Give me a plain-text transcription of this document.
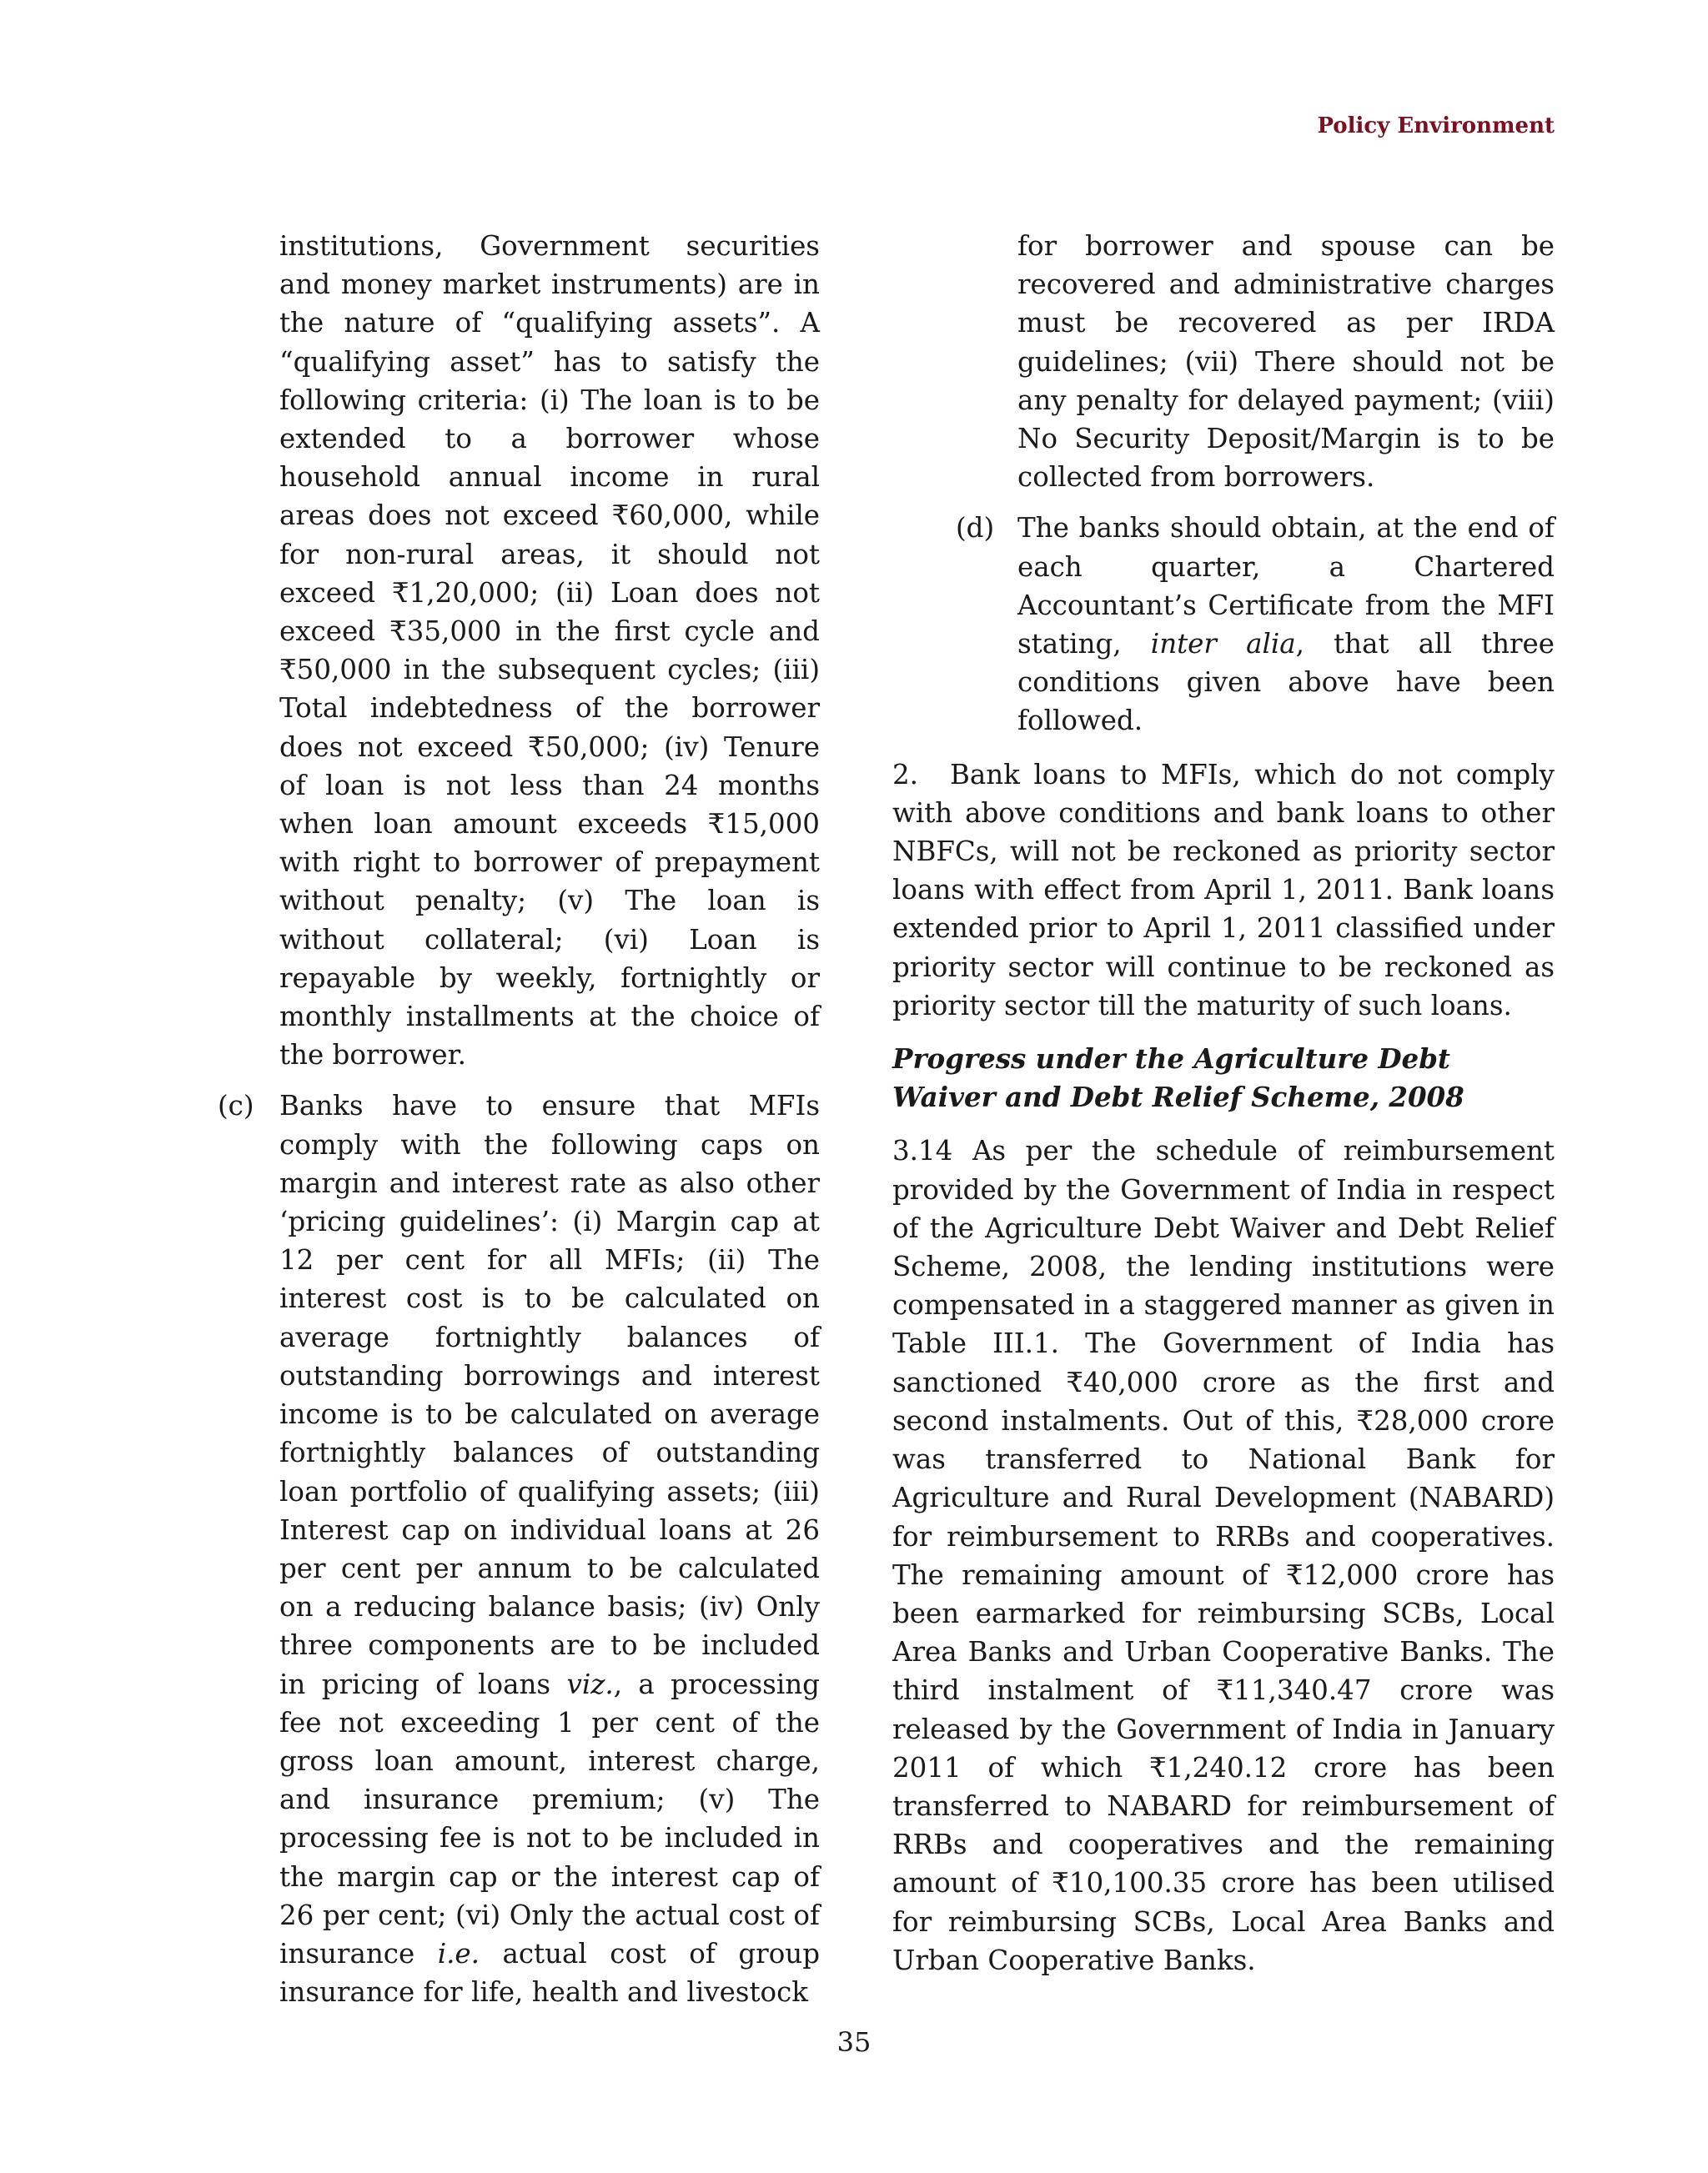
Policy Environment

institutions, Government securities and money market instruments) are in the nature of “qualifying assets”. A “qualifying asset” has to satisfy the following criteria: (i) The loan is to be extended to a borrower whose household annual income in rural areas does not exceed ₹60,000, while for non-rural areas, it should not exceed ₹1,20,000; (ii) Loan does not exceed ₹35,000 in the first cycle and ₹50,000 in the subsequent cycles; (iii) Total indebtedness of the borrower does not exceed ₹50,000; (iv) Tenure of loan is not less than 24 months when loan amount exceeds ₹15,000 with right to borrower of prepayment without penalty; (v) The loan is without collateral; (vi) Loan is repayable by weekly, fortnightly or monthly installments at the choice of the borrower.

(c) Banks have to ensure that MFIs comply with the following caps on margin and interest rate as also other ‘pricing guidelines’: (i) Margin cap at 12 per cent for all MFIs; (ii) The interest cost is to be calculated on average fortnightly balances of outstanding borrowings and interest income is to be calculated on average fortnightly balances of outstanding loan portfolio of qualifying assets; (iii) Interest cap on individual loans at 26 per cent per annum to be calculated on a reducing balance basis; (iv) Only three components are to be included in pricing of loans viz., a processing fee not exceeding 1 per cent of the gross loan amount, interest charge, and insurance premium; (v) The processing fee is not to be included in the margin cap or the interest cap of 26 per cent; (vi) Only the actual cost of insurance i.e. actual cost of group insurance for life, health and livestock

for borrower and spouse can be recovered and administrative charges must be recovered as per IRDA guidelines; (vii) There should not be any penalty for delayed payment; (viii) No Security Deposit/Margin is to be collected from borrowers.

(d) The banks should obtain, at the end of each quarter, a Chartered Accountant’s Certificate from the MFI stating, inter alia, that all three conditions given above have been followed.

2. Bank loans to MFIs, which do not comply with above conditions and bank loans to other NBFCs, will not be reckoned as priority sector loans with effect from April 1, 2011. Bank loans extended prior to April 1, 2011 classified under priority sector will continue to be reckoned as priority sector till the maturity of such loans.

Progress under the Agriculture Debt Waiver and Debt Relief Scheme, 2008

3.14 As per the schedule of reimbursement provided by the Government of India in respect of the Agriculture Debt Waiver and Debt Relief Scheme, 2008, the lending institutions were compensated in a staggered manner as given in Table III.1. The Government of India has sanctioned ₹40,000 crore as the first and second instalments. Out of this, ₹28,000 crore was transferred to National Bank for Agriculture and Rural Development (NABARD) for reimbursement to RRBs and cooperatives. The remaining amount of ₹12,000 crore has been earmarked for reimbursing SCBs, Local Area Banks and Urban Cooperative Banks. The third instalment of ₹11,340.47 crore was released by the Government of India in January 2011 of which ₹1,240.12 crore has been transferred to NABARD for reimbursement of RRBs and cooperatives and the remaining amount of ₹10,100.35 crore has been utilised for reimbursing SCBs, Local Area Banks and Urban Cooperative Banks.

35
